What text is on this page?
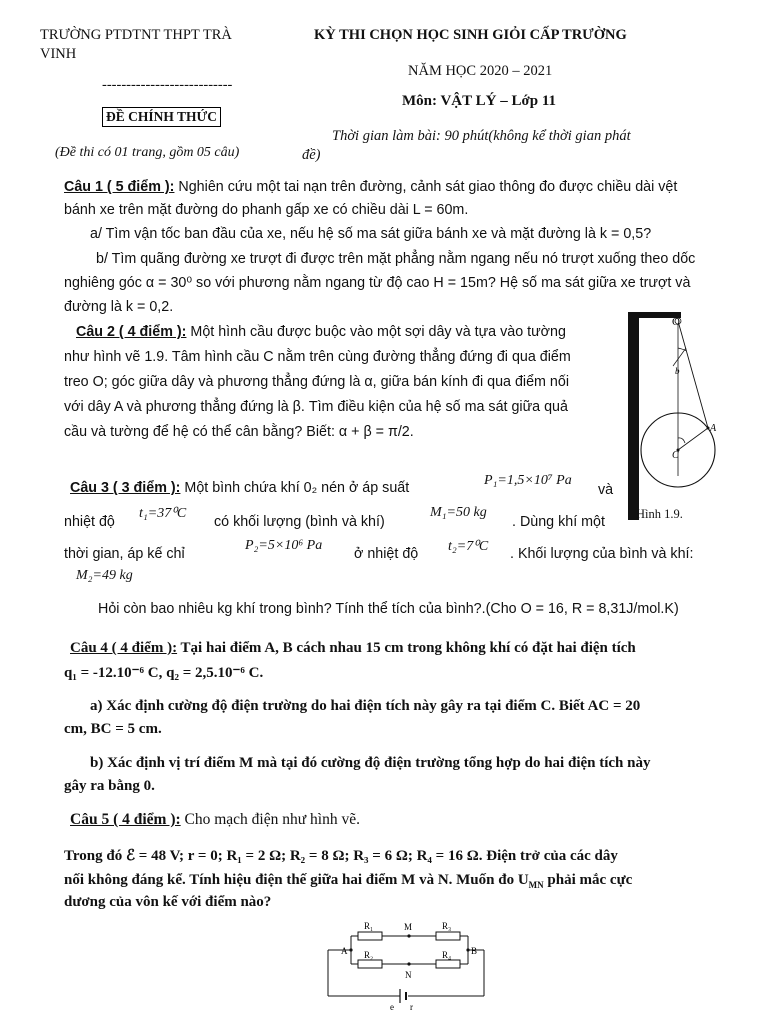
TRƯỜNG PTDTNT THPT TRÀ
VINH
---------------------------
ĐỀ CHÍNH THỨC
(Đề thi có 01 trang, gồm 05 câu)
KỲ THI CHỌN HỌC SINH GIỎI CẤP TRƯỜNG
NĂM HỌC 2020 – 2021
Môn: VẬT LÝ – Lớp 11
Thời gian làm bài: 90 phút(không kể thời gian phát
đề)
Câu 1 ( 5 điểm ): Nghiên cứu một tai nạn trên đường, cảnh sát giao thông đo được chiều dài vệt
bánh xe trên mặt đường do phanh gấp xe có chiều dài L = 60m.
a/ Tìm vận tốc ban đầu của xe, nếu hệ số ma sát giữa bánh xe và mặt đường là k = 0,5?
b/ Tìm quãng đường xe trượt đi được trên mặt phẳng nằm ngang nếu nó trượt xuống theo dốc
nghiêng góc α = 30⁰ so với phương nằm ngang từ độ cao H = 15m? Hệ số ma sát giữa xe trượt và
đường là k = 0,2.
Câu 2 ( 4 điểm ): Một hình cầu được buộc vào một sợi dây và tựa vào tường
như hình vẽ 1.9. Tâm hình cầu C nằm trên cùng đường thẳng đứng đi qua điểm
treo O; góc giữa dây và phương thẳng đứng là α, giữa bán kính đi qua điểm nối
với dây A và phương thẳng đứng là β. Tìm điều kiện của hệ số ma sát giữa quả
cầu và tường để hệ có thể cân bằng? Biết: α + β = π/2.
O
A
C
b
Hình 1.9.
Câu 3 ( 3 điểm ): Một bình chứa khí 0₂ nén ở áp suất	P₁=1,5×10⁷ Pa
và
nhiệt độ
t₁=37⁰C
có khối lượng (bình và khí)
M₁=50 kg
. Dùng khí một
thời gian, áp kế chỉ
P₂=5×10⁶ Pa
ở nhiệt độ t₂=7⁰C . Khối lượng của bình và khí:
M₂=49 kg
Hỏi còn bao nhiêu kg khí trong bình? Tính thể tích của bình?.(Cho O = 16, R = 8,31J/mol.K)
Câu 4 ( 4 điểm ): Tại hai điểm A, B cách nhau 15 cm trong không khí có đặt hai điện tích
q₁ = -12.10⁻⁶ C, q₂ = 2,5.10⁻⁶ C.
a) Xác định cường độ điện trường do hai điện tích này gây ra tại điểm C. Biết AC = 20
cm, BC = 5 cm.
b) Xác định vị trí điểm M mà tại đó cường độ điện trường tổng hợp do hai điện tích này
gây ra bằng 0.
Câu 5 ( 4 điểm ): Cho mạch điện như hình vẽ.
Trong đó ℰ = 48 V; r = 0; R₁ = 2 Ω; R₂ = 8 Ω; R₃ = 6 Ω; R₄ = 16 Ω. Điện trở của các dây
nối không đáng kể. Tính hiệu điện thế giữa hai điểm M và N. Muốn đo $U_{MN}$ phải mắc cực
dương của vôn kế với điểm nào?
R₁	R₃
R₂	R₄
M
N
A	B
e r
